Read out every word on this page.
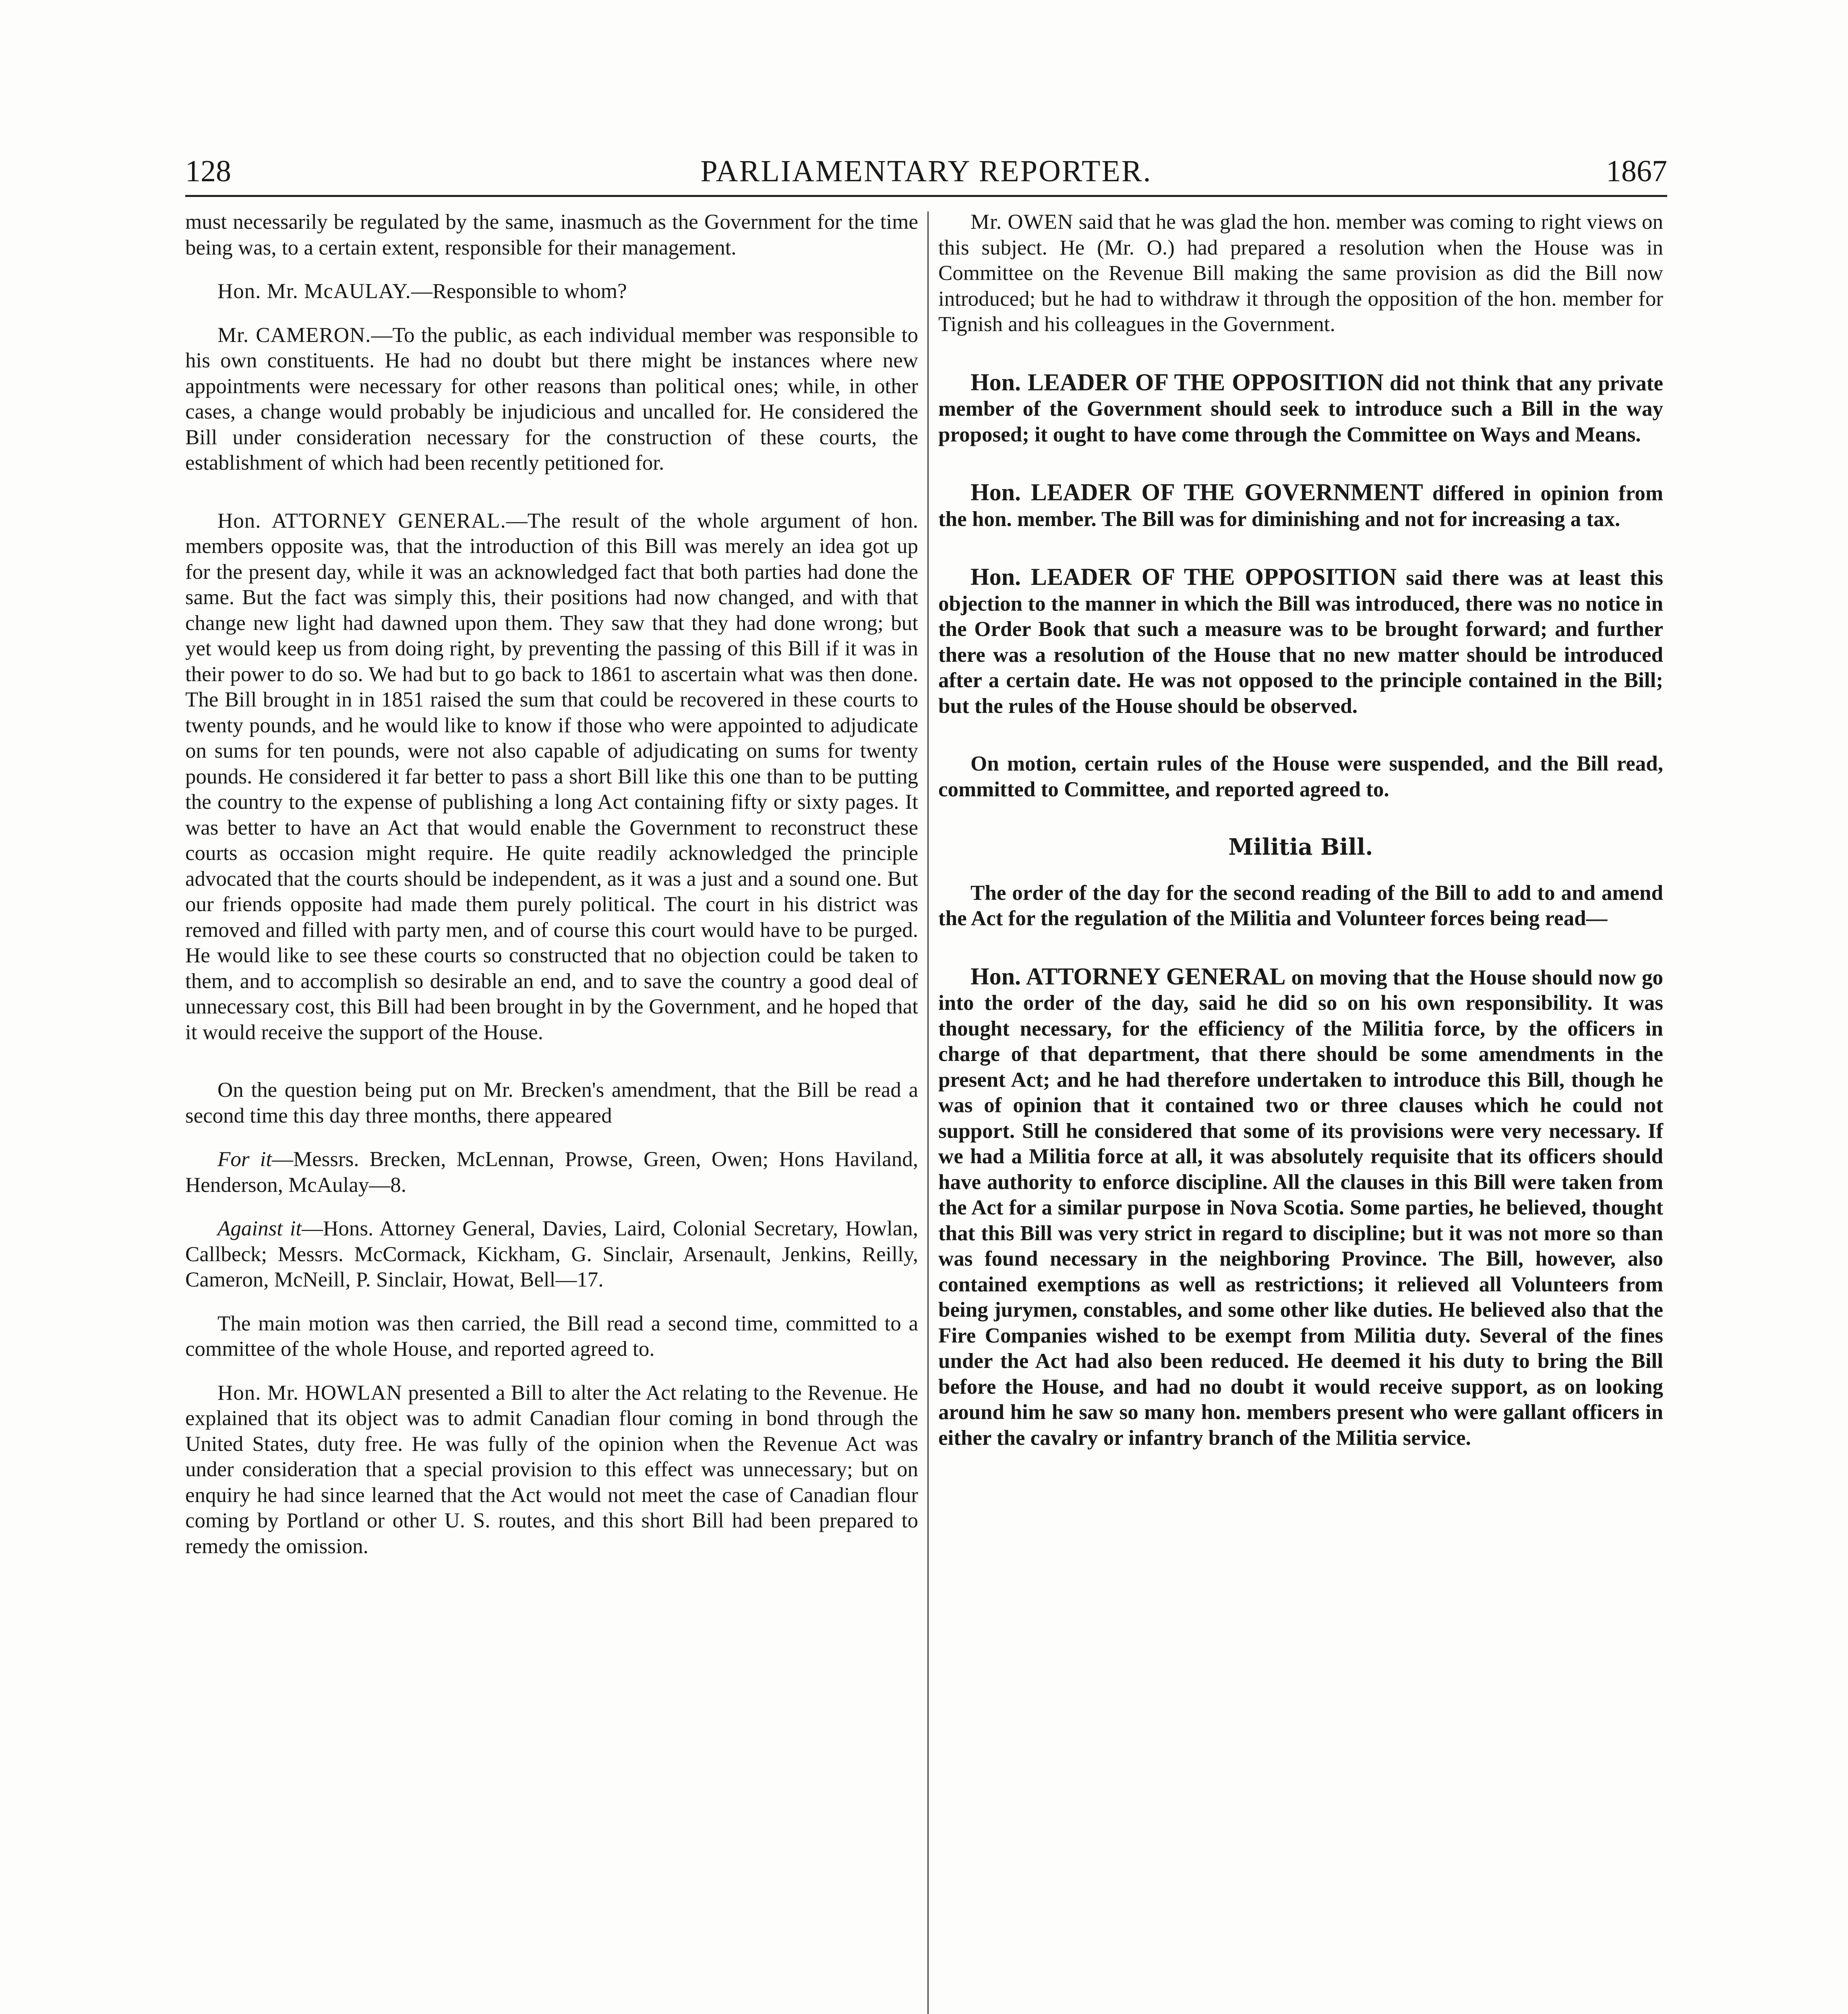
128	PARLIAMENTARY REPORTER.	1867

must necessarily be regulated by the same, inasmuch as the Government for the time being was, to a certain extent, responsible for their management.

Hon. Mr. McAULAY.—Responsible to whom?

Mr. CAMERON.—To the public, as each individual member was responsible to his own constituents. He had no doubt but there might be instances where new appointments were necessary for other reasons than political ones; while, in other cases, a change would probably be injudicious and uncalled for. He considered the Bill under consideration necessary for the construction of these courts, the establishment of which had been recently petitioned for.

Hon. ATTORNEY GENERAL.—The result of the whole argument of hon. members opposite was, that the introduction of this Bill was merely an idea got up for the present day, while it was an acknowledged fact that both parties had done the same. But the fact was simply this, their positions had now changed, and with that change new light had dawned upon them. They saw that they had done wrong; but yet would keep us from doing right, by preventing the passing of this Bill if it was in their power to do so. We had but to go back to 1861 to ascertain what was then done. The Bill brought in in 1851 raised the sum that could be recovered in these courts to twenty pounds, and he would like to know if those who were appointed to adjudicate on sums for ten pounds, were not also capable of adjudicating on sums for twenty pounds. He considered it far better to pass a short Bill like this one than to be putting the country to the expense of publishing a long Act containing fifty or sixty pages. It was better to have an Act that would enable the Government to reconstruct these courts as occasion might require. He quite readily acknowledged the principle advocated that the courts should be independent, as it was a just and a sound one. But our friends opposite had made them purely political. The court in his district was removed and filled with party men, and of course this court would have to be purged. He would like to see these courts so constructed that no objection could be taken to them, and to accomplish so desirable an end, and to save the country a good deal of unnecessary cost, this Bill had been brought in by the Government, and he hoped that it would receive the support of the House.

On the question being put on Mr. Brecken's amendment, that the Bill be read a second time this day three months, there appeared

For it—Messrs. Brecken, McLennan, Prowse, Green, Owen; Hons Haviland, Henderson, McAulay—8.

Against it—Hons. Attorney General, Davies, Laird, Colonial Secretary, Howlan, Callbeck; Messrs. McCormack, Kickham, G. Sinclair, Arsenault, Jenkins, Reilly, Cameron, McNeill, P. Sinclair, Howat, Bell—17.

The main motion was then carried, the Bill read a second time, committed to a committee of the whole House, and reported agreed to.

Hon. Mr. HOWLAN presented a Bill to alter the Act relating to the Revenue. He explained that its object was to admit Canadian flour coming in bond through the United States, duty free. He was fully of the opinion when the Revenue Act was under consideration that a special provision to this effect was unnecessary; but on enquiry he had since learned that the Act would not meet the case of Canadian flour coming by Portland or other U. S. routes, and this short Bill had been prepared to remedy the omission.

Mr. OWEN said that he was glad the hon. member was coming to right views on this subject. He (Mr. O.) had prepared a resolution when the House was in Committee on the Revenue Bill making the same provision as did the Bill now introduced; but he had to withdraw it through the opposition of the hon. member for Tignish and his colleagues in the Government.

Hon. LEADER OF THE OPPOSITION did not think that any private member of the Government should seek to introduce such a Bill in the way proposed; it ought to have come through the Committee on Ways and Means.

Hon. LEADER OF THE GOVERNMENT differed in opinion from the hon. member. The Bill was for diminishing and not for increasing a tax.

Hon. LEADER OF THE OPPOSITION said there was at least this objection to the manner in which the Bill was introduced, there was no notice in the Order Book that such a measure was to be brought forward; and further there was a resolution of the House that no new matter should be introduced after a certain date. He was not opposed to the principle contained in the Bill; but the rules of the House should be observed.

On motion, certain rules of the House were suspended, and the Bill read, committed to Committee, and reported agreed to.

Militia Bill.

The order of the day for the second reading of the Bill to add to and amend the Act for the regulation of the Militia and Volunteer forces being read—

Hon. ATTORNEY GENERAL on moving that the House should now go into the order of the day, said he did so on his own responsibility. It was thought necessary, for the efficiency of the Militia force, by the officers in charge of that department, that there should be some amendments in the present Act; and he had therefore undertaken to introduce this Bill, though he was of opinion that it contained two or three clauses which he could not support. Still he considered that some of its provisions were very necessary. If we had a Militia force at all, it was absolutely requisite that its officers should have authority to enforce discipline. All the clauses in this Bill were taken from the Act for a similar purpose in Nova Scotia. Some parties, he believed, thought that this Bill was very strict in regard to discipline; but it was not more so than was found necessary in the neighboring Province. The Bill, however, also contained exemptions as well as restrictions; it relieved all Volunteers from being jurymen, constables, and some other like duties. He believed also that the Fire Companies wished to be exempt from Militia duty. Several of the fines under the Act had also been reduced. He deemed it his duty to bring the Bill before the House, and had no doubt it would receive support, as on looking around him he saw so many hon. members present who were gallant officers in either the cavalry or infantry branch of the Militia service.
